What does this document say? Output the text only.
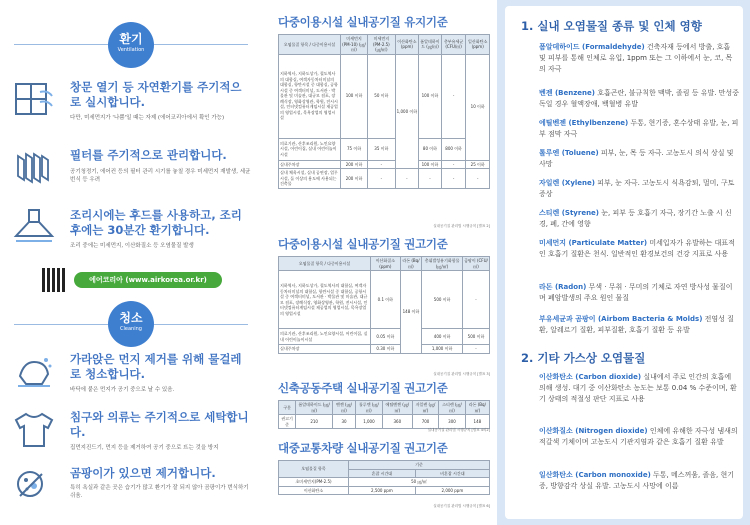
환기
Ventilation
창문 열기 등 자연환기를 주기적으로 실시합니다.
다만, 미세먼지가 '나쁨'일 때는 자제 (에어코리아에서 확인 가능)
필터를 주기적으로 관리합니다.
공기청정기, 에어컨 등의 필터 관리 시기를 놓칠 경우 미세먼지 재발생, 세균 번식 등 우려
조리시에는 후드를 사용하고, 조리 후에는 30분간 환기합니다.
조리 중에는 미세먼지, 이산화질소 등 오염물질 발생
에어코리아 (www.airkorea.or.kr)
청소
Cleaning
가라앉은 먼지 제거를 위해 물걸레로 청소합니다.
바닥에 붙은 먼지가 공기 중으로 날 수 있음.
침구와 의류는 주기적으로 세탁합니다.
집먼지진드기, 먼지 등을 제거하여 공기 중으로 뜨는 것을 방지
곰팡이가 있으면 제거합니다.
특히 욕실과 같은 곳은 습기가 많고 환기가 잘 되지 않아 곰팡이가 번식하기 쉬움.
다중이용시설 실내공기질 유지기준
오염물질 항목 / 다중이용시설	미세먼지 (PM-10) (㎍/㎥)	미세먼지 (PM-2.5) (㎍/㎥)	이산화탄소 (ppm)	폼알데하이드 (㎍/㎥)	총부유세균 (CFU/㎥)	일산화탄소 (ppm)
지하역사, 지하도상가, 철도역사의 대합실, 여객자동차터미널의 대합실, 항만시설 중 대합실, 공항시설 중 여객터미널, 도서관 · 박물관 및 미술관, 대규모 점포, 장례식장, 영화상영관, 학원, 전시시설, 인터넷컴퓨터게임시설 제공업의 영업시설, 목욕장업의 영업시설	100 이하	50 이하	1,000 이하	100 이하	-	10 이하
의료기관, 산후조리원, 노인요양시설, 어린이집, 실내 어린이놀이시설	75 이하	35 이하		80 이하	800 이하	
실내주차장	200 이하	-		100 이하	-	25 이하
실내 체육시설, 실내 공연장, 업무시설, 둘 이상의 용도에 사용되는 건축물	200 이하	-	-	-	-	-
실내공기질 관리법 시행규칙 [별표 2]
다중이용시설 실내공기질 권고기준
오염물질 항목 / 다중이용시설	이산화질소 (ppm)	라돈 (Bq/㎥)	총휘발성유기화합물 (㎍/㎥)	곰팡이 (CFU/㎥)
지하역사, 지하도상가, 철도역사의 대합실, 여객자동차터미널의 대합실, 항만시설 중 대합실, 공항시설 중 여객터미널, 도서관 · 박물관 및 미술관, 대규모 점포, 장례식장, 영화상영관, 학원, 전시시설, 인터넷컴퓨터게임시설 제공업의 영업시설, 목욕장업의 영업시설	0.1 이하	148 이하	500 이하	-
의료기관, 산후조리원, 노인요양시설, 어린이집, 실내 어린이놀이시설	0.05 이하		400 이하	500 이하
실내주차장	0.30 이하		1,000 이하	-
실내공기질 관리법 시행규칙 [별표 3]
신축공동주택 실내공기질 권고기준
구분	폼알데하이드 (㎍/㎥)	벤젠 (㎍/㎥)	톨루엔 (㎍/㎥)	에틸벤젠 (㎍/㎥)	자일렌 (㎍/㎥)	스티렌 (㎍/㎥)	라돈 (Bq/㎥)
권고기준	210	30	1,000	360	700	300	148
실내공기질 관리법 시행규칙 [별표 4의2]
대중교통차량 실내공기질 권고기준
오염물질 항목	기준	
	혼잡 시간대	비혼잡 시간대
초미세먼지(PM-2.5)	50 ㎍/㎥	
이산화탄소	2,500 ppm	2,000 ppm
실내공기질 관리법 시행규칙 [별표 6]
1. 실내 오염물질 종류 및 인체 영향
폼알데하이드 (Formaldehyde) 건축자재 등에서 방출, 호흡 및 피부를 통해 인체로 유입, 1ppm 또는 그 이하에서 눈, 코, 목의 자극
벤젠 (Benzene) 호흡곤란, 불규칙한 맥박, 졸림 등 유발. 만성중독일 경우 혈액장애, 백혈병 유발
에틸벤젠 (Ethylbenzene) 두통, 현기증, 혼수상태 유발, 눈, 피부 점막 자극
톨루엔 (Toluene) 피부, 눈, 목 등 자극. 고농도시 의식 상실 및 사망
자일렌 (Xylene) 피부, 눈 자극. 고농도시 식욕감퇴, 멀미, 구토 증상
스티렌 (Styrene) 눈, 피부 등 호흡기 자극, 장기간 노출 시 신경, 폐, 간에 영향
미세먼지 (Particulate Matter) 미세입자가 유발하는 대표적인 호흡기 질환은 천식. 일반적인 환경보건의 건강 지표로 사용
라돈 (Radon) 무색 · 무취 · 무미의 기체로 자연 방사성 물질이며 폐암발생의 주요 원인 물질
부유세균과 곰팡이 (Airbom Bacteria & Molds) 전염성 질환, 알레르기 질환, 피부질환, 호흡기 질환 등 유발
2. 기타 가스상 오염물질
이산화탄소 (Carbon dioxide) 실내에서 주로 인간의 호흡에 의해 생성. 대기 중 이산화탄소 농도는 보통 0.04 % 수준이며, 환기 상태의 적절성 판단 지표로 사용
이산화질소 (Nitrogen dioxide) 인체에 유해한 자극성 냄새의 적갈색 기체이며 고농도시 기관지염과 같은 호흡기 질환 유발
일산화탄소 (Carbon monoxide) 두통, 메스꺼움, 졸음, 현기증, 방향감각 상실 유발. 고농도시 사망에 이름
